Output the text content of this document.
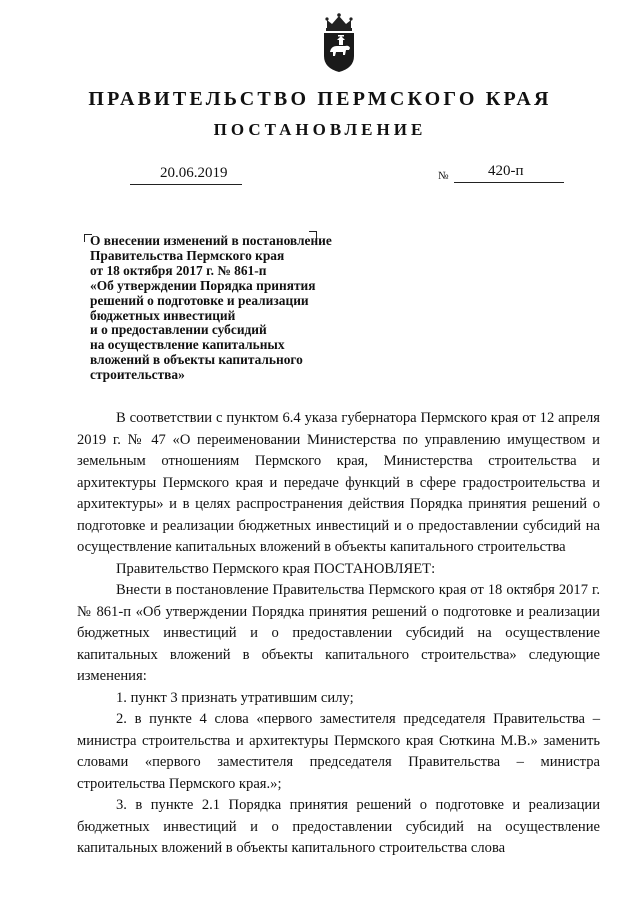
ПРАВИТЕЛЬСТВО ПЕРМСКОГО КРАЯ
ПОСТАНОВЛЕНИЕ
20.06.2019	№	420-п
О внесении изменений в постановление
Правительства Пермского края
от 18 октября 2017 г. № 861-п
«Об утверждении Порядка принятия
решений о подготовке и реализации
бюджетных инвестиций
и о предоставлении субсидий
на осуществление капитальных
вложений в объекты капитального
строительства»

В соответствии с пунктом 6.4 указа губернатора Пермского края от 12 апреля 2019 г. № 47 «О переименовании Министерства по управлению имуществом и земельным отношениям Пермского края, Министерства строительства и архитектуры Пермского края и передаче функций в сфере градостроительства и архитектуры» и в целях распространения действия Порядка принятия решений о подготовке и реализации бюджетных инвестиций и о предоставлении субсидий на осуществление капитальных вложений в объекты капитального строительства

Правительство Пермского края ПОСТАНОВЛЯЕТ:

Внести в постановление Правительства Пермского края от 18 октября 2017 г. № 861-п «Об утверждении Порядка принятия решений о подготовке и реализации бюджетных инвестиций и о предоставлении субсидий на осуществление капитальных вложений в объекты капитального строительства» следующие изменения:

1. пункт 3 признать утратившим силу;

2. в пункте 4 слова «первого заместителя председателя Правительства – министра строительства и архитектуры Пермского края Сюткина М.В.» заменить словами «первого заместителя председателя Правительства – министра строительства Пермского края.»;

3. в пункте 2.1 Порядка принятия решений о подготовке и реализации бюджетных инвестиций и о предоставлении субсидий на осуществление капитальных вложений в объекты капитального строительства слова
